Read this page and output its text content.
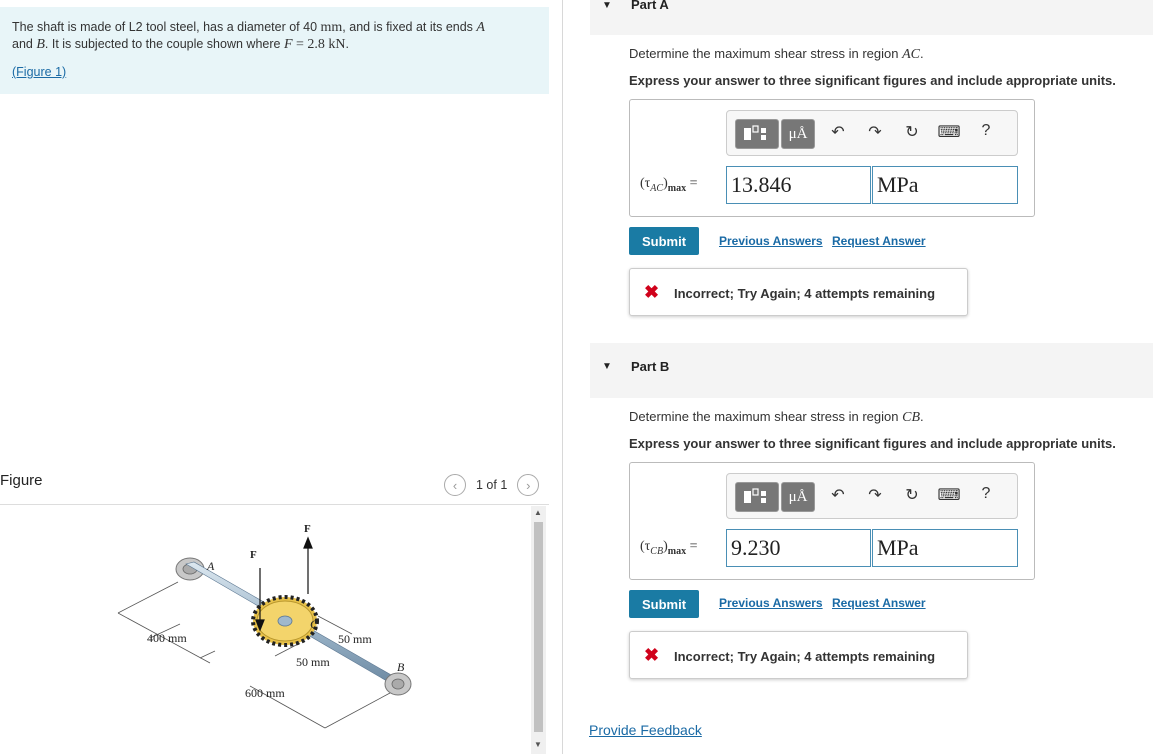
The shaft is made of L2 tool steel, has a diameter of 40 mm, and is fixed at its ends A
and B. It is subjected to the couple shown where F = 2.8 kN.
(Figure 1)
Figure	‹ 1 of 1 ›
F
F
A
B
C
400 mm
600 mm
50 mm
50 mm
▲
▼
▼ Part A
Determine the maximum shear stress in region AC.
Express your answer to three significant figures and include appropriate units.
μÅ	↶	↷	↻	⌨	?
$(\tau_{AC})_{max} = 13.846$	MPa
Submit	Previous Answers Request Answer
✖ Incorrect; Try Again; 4 attempts remaining
▼ Part B
Determine the maximum shear stress in region CB.
Express your answer to three significant figures and include appropriate units.
μÅ	↶	↷	↻	⌨	?
$(\tau_{CB})_{max} = 9.230$	MPa
Submit	Previous Answers Request Answer
✖ Incorrect; Try Again; 4 attempts remaining
Provide Feedback
